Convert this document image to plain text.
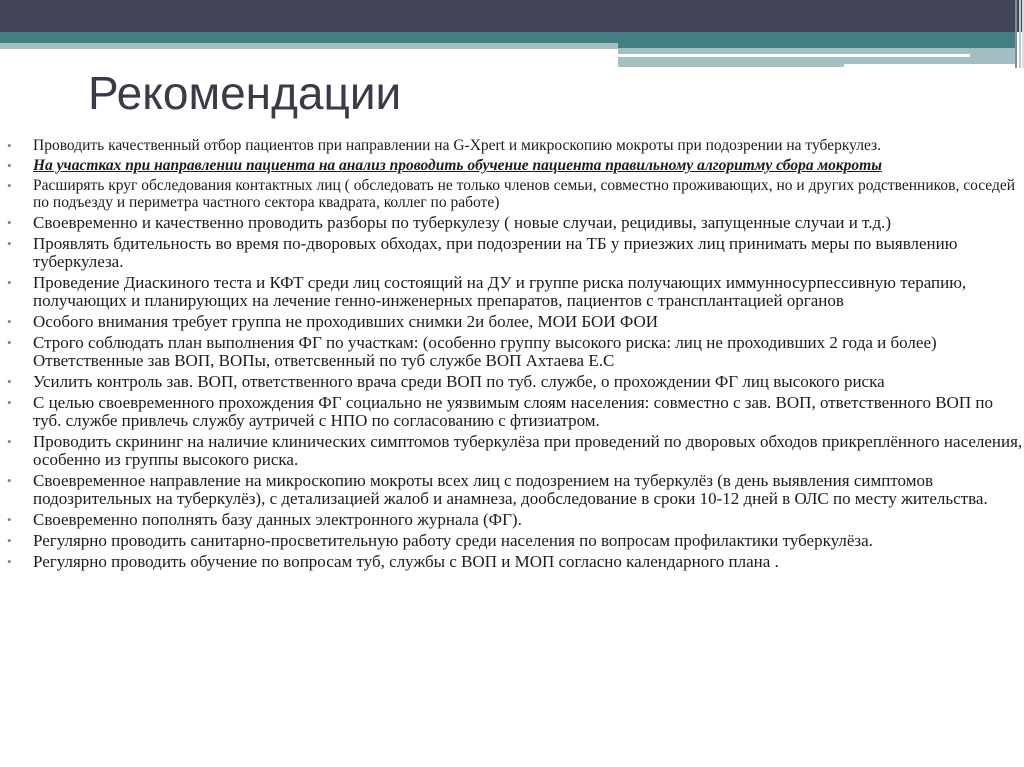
Рекомендации
• Проводить качественный отбор пациентов при направлении на G-Xpert и микроскопию мокроты при подозрении на туберкулез.
• На участках при направлении пациента на анализ проводить обучение пациента правильному алгоритму сбора мокроты
• Расширять круг обследования контактных лиц ( обследовать не только членов семьи, совместно проживающих, но и других родственников, соседей по подъезду и периметра частного сектора квадрата, коллег по работе)
• Своевременно и качественно проводить разборы по туберкулезу ( новые случаи, рецидивы, запущенные случаи и т.д.)
• Проявлять бдительность во время по-дворовых обходах, при подозрении на ТБ у приезжих лиц принимать меры по выявлению туберкулеза.
• Проведение Диаскиного теста и КФТ среди лиц состоящий на ДУ и группе риска получающих иммунносурпессивную терапию, получающих и планирующих на лечение генно-инженерных препаратов, пациентов с трансплантацией органов
• Особого внимания требует группа не проходивших снимки 2и более, МОИ БОИ ФОИ
• Строго соблюдать план выполнения ФГ по участкам: (особенно группу высокого риска: лиц не проходивших 2 года и более) Ответственные зав ВОП, ВОПы, ответсвенный по туб службе ВОП Ахтаева Е.С
• Усилить контроль зав. ВОП, ответственного врача среди ВОП по туб. службе, о прохождении ФГ лиц высокого риска
• С целью своевременного прохождения ФГ социально не уязвимым слоям населения: совместно с зав. ВОП, ответственного ВОП по туб. службе привлечь службу аутричей с НПО по согласованию с фтизиатром.
• Проводить скрининг на наличие клинических симптомов туберкулёза при проведений по дворовых обходов прикреплённого населения, особенно из группы высокого риска.
• Своевременное направление на микроскопию мокроты всех лиц с подозрением на туберкулёз (в день выявления симптомов подозрительных на туберкулёз), с детализацией жалоб и анамнеза, дообследование в сроки 10-12 дней в ОЛС по месту жительства.
• Своевременно пополнять базу данных электронного журнала (ФГ).
• Регулярно проводить санитарно-просветительную работу среди населения по вопросам профилактики туберкулёза.
• Регулярно проводить обучение по вопросам туб, службы с ВОП и МОП согласно календарного плана .
